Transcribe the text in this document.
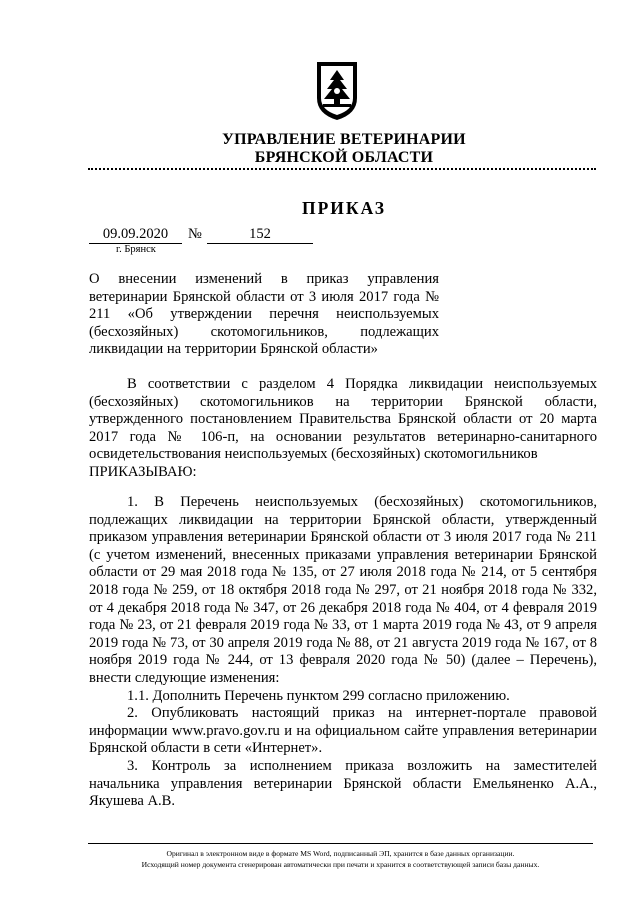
УПРАВЛЕНИЕ ВЕТЕРИНАРИИ
БРЯНСКОЙ ОБЛАСТИ
ПРИКАЗ
09.09.2020	№	152
г. Брянск
О внесении изменений в приказ управления ветеринарии Брянской области от 3 июля 2017 года № 211 «Об утверждении перечня неиспользуемых (бесхозяйных) скотомогильников, подлежащих ликвидации на территории Брянской области»

В соответствии с разделом 4 Порядка ликвидации неиспользуемых (бесхозяйных) скотомогильников на территории Брянской области, утвержденного постановлением Правительства Брянской области от 20 марта 2017 года № 106-п, на основании результатов ветеринарно-санитарного освидетельствования неиспользуемых (бесхозяйных) скотомогильников

ПРИКАЗЫВАЮ:

1. В Перечень неиспользуемых (бесхозяйных) скотомогильников, подлежащих ликвидации на территории Брянской области, утвержденный приказом управления ветеринарии Брянской области от 3 июля 2017 года № 211 (с учетом изменений, внесенных приказами управления ветеринарии Брянской области от 29 мая 2018 года № 135, от 27 июля 2018 года № 214, от 5 сентября 2018 года № 259, от 18 октября 2018 года № 297, от 21 ноября 2018 года № 332, от 4 декабря 2018 года № 347, от 26 декабря 2018 года № 404, от 4 февраля 2019 года № 23, от 21 февраля 2019 года № 33, от 1 марта 2019 года № 43, от 9 апреля 2019 года № 73, от 30 апреля 2019 года № 88, от 21 августа 2019 года № 167, от 8 ноября 2019 года № 244, от 13 февраля 2020 года № 50) (далее – Перечень), внести следующие изменения:

1.1. Дополнить Перечень пунктом 299 согласно приложению.

2. Опубликовать настоящий приказ на интернет-портале правовой информации www.pravo.gov.ru и на официальном сайте управления ветеринарии Брянской области в сети «Интернет».

3. Контроль за исполнением приказа возложить на заместителей начальника управления ветеринарии Брянской области Емельяненко А.А., Якушева А.В.

Оригинал в электронном виде в формате MS Word, подписанный ЭП, хранится в базе данных организации.
Исходящий номер документа сгенерирован автоматически при печати и хранится в соответствующей записи базы данных.
